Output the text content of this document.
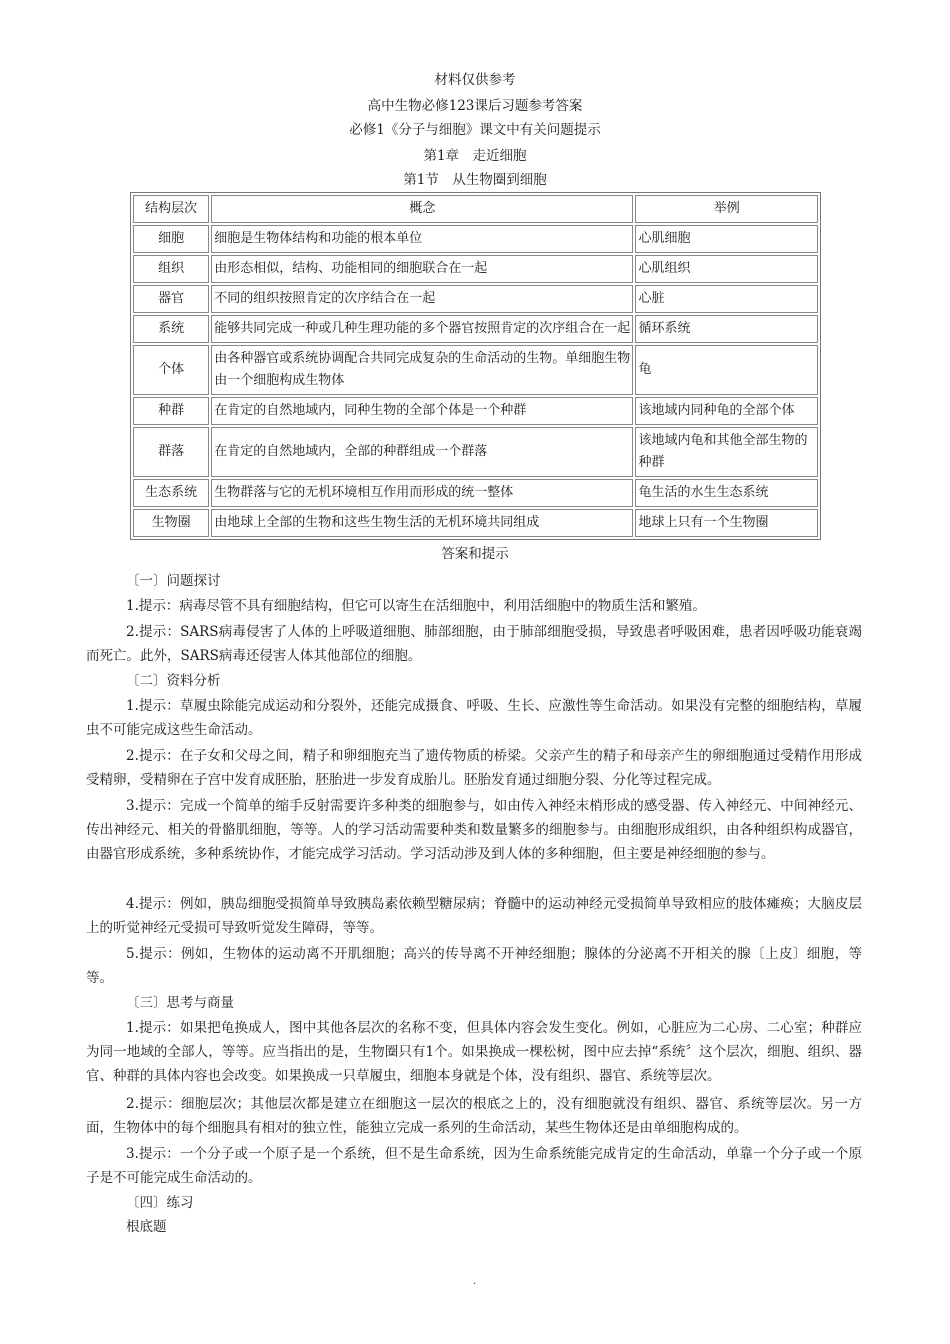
材料仅供参考
高中生物必修123课后习题参考答案
必修1《分子与细胞》课文中有关问题提示
第1章　走近细胞
第1节　从生物圈到细胞
结构层次	概念	举例
细胞	细胞是生物体结构和功能的根本单位	心肌细胞
组织	由形态相似，结构、功能相同的细胞联合在一起	心肌组织
器官	不同的组织按照肯定的次序结合在一起	心脏
系统	能够共同完成一种或几种生理功能的多个器官按照肯定的次序组合在一起	循环系统
个体	由各种器官或系统协调配合共同完成复杂的生命活动的生物。单细胞生物由一个细胞构成生物体	龟
种群	在肯定的自然地域内，同种生物的全部个体是一个种群	该地域内同种龟的全部个体
群落	在肯定的自然地域内，全部的种群组成一个群落	该地域内龟和其他全部生物的种群
生态系统	生物群落与它的无机环境相互作用而形成的统一整体	龟生活的水生生态系统
生物圈	由地球上全部的生物和这些生物生活的无机环境共同组成	地球上只有一个生物圈
答案和提示
〔一〕问题探讨
1.提示：病毒尽管不具有细胞结构，但它可以寄生在活细胞中，利用活细胞中的物质生活和繁殖。
2.提示：SARS病毒侵害了人体的上呼吸道细胞、肺部细胞，由于肺部细胞受损，导致患者呼吸困难，患者因呼吸功能衰竭而死亡。此外，SARS病毒还侵害人体其他部位的细胞。
〔二〕资料分析
1.提示：草履虫除能完成运动和分裂外，还能完成摄食、呼吸、生长、应激性等生命活动。如果没有完整的细胞结构，草履虫不可能完成这些生命活动。
2.提示：在子女和父母之间，精子和卵细胞充当了遗传物质的桥梁。父亲产生的精子和母亲产生的卵细胞通过受精作用形成受精卵，受精卵在子宫中发育成胚胎，胚胎进一步发育成胎儿。胚胎发育通过细胞分裂、分化等过程完成。
3.提示：完成一个简单的缩手反射需要许多种类的细胞参与，如由传入神经末梢形成的感受器、传入神经元、中间神经元、传出神经元、相关的骨骼肌细胞，等等。人的学习活动需要种类和数量繁多的细胞参与。由细胞形成组织，由各种组织构成器官，由器官形成系统，多种系统协作，才能完成学习活动。学习活动涉及到人体的多种细胞，但主要是神经细胞的参与。
4.提示：例如，胰岛细胞受损简单导致胰岛素依赖型糖尿病；脊髓中的运动神经元受损简单导致相应的肢体瘫痪；大脑皮层上的听觉神经元受损可导致听觉发生障碍，等等。
5.提示：例如，生物体的运动离不开肌细胞；高兴的传导离不开神经细胞；腺体的分泌离不开相关的腺〔上皮〕细胞，等等。
〔三〕思考与商量
1.提示：如果把龟换成人，图中其他各层次的名称不变，但具体内容会发生变化。例如，心脏应为二心房、二心室；种群应为同一地域的全部人，等等。应当指出的是，生物圈只有1个。如果换成一棵松树，图中应去掉“系统〞这个层次，细胞、组织、器官、种群的具体内容也会改变。如果换成一只草履虫，细胞本身就是个体，没有组织、器官、系统等层次。
2.提示：细胞层次；其他层次都是建立在细胞这一层次的根底之上的，没有细胞就没有组织、器官、系统等层次。另一方面，生物体中的每个细胞具有相对的独立性，能独立完成一系列的生命活动，某些生物体还是由单细胞构成的。
3.提示：一个分子或一个原子是一个系统，但不是生命系统，因为生命系统能完成肯定的生命活动，单靠一个分子或一个原子是不可能完成生命活动的。
〔四〕练习
根底题
.
